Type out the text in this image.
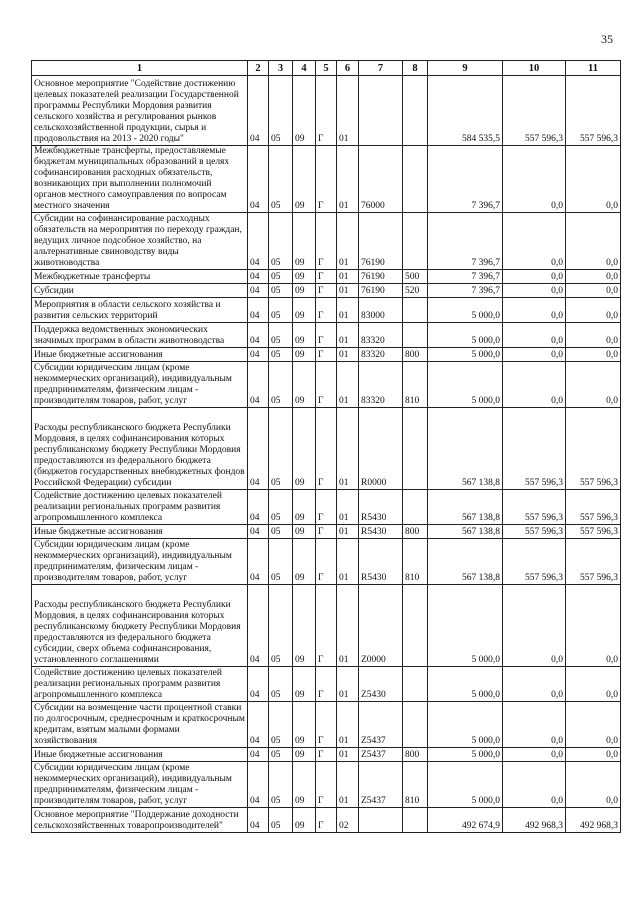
35
1	2	3	4	5	6	7	8	9	10	11
Основное мероприятие "Содействие достижению целевых показателей реализации Государственной программы Республики Мордовия развития сельского хозяйства и регулирования рынков сельскохозяйственной продукции, сырья и продовольствия на 2013 - 2020 годы"	04	05	09	Г	01			584 535,5	557 596,3	557 596,3
Межбюджетные трансферты, предоставляемые бюджетам муниципальных образований в целях софинансирования расходных обязательств, возникающих при выполнении полномочий органов местного самоуправления по вопросам местного значения	04	05	09	Г	01	76000		7 396,7	0,0	0,0
Субсидии на софинансирование расходных обязательств на мероприятия по переходу граждан, ведущих личное подсобное хозяйство, на альтернативные свиноводству виды животноводства	04	05	09	Г	01	76190		7 396,7	0,0	0,0
Межбюджетные трансферты	04	05	09	Г	01	76190	500	7 396,7	0,0	0,0
Субсидии	04	05	09	Г	01	76190	520	7 396,7	0,0	0,0
Мероприятия в области сельского хозяйства и развития сельских территорий	04	05	09	Г	01	83000		5 000,0	0,0	0,0
Поддержка ведомственных экономических значимых программ в области животноводства	04	05	09	Г	01	83320		5 000,0	0,0	0,0
Иные бюджетные ассигнования	04	05	09	Г	01	83320	800	5 000,0	0,0	0,0
Субсидии юридическим лицам (кроме некоммерческих организаций), индивидуальным предпринимателям, физическим лицам - производителям товаров, работ, услуг	04	05	09	Г	01	83320	810	5 000,0	0,0	0,0
Расходы республиканского бюджета Республики Мордовия, в целях софинансирования которых республиканскому бюджету Республики Мордовия предоставляются из федерального бюджета (бюджетов государственных внебюджетных фондов Российской Федерации) субсидии	04	05	09	Г	01	R0000		567 138,8	557 596,3	557 596,3
Содействие достижению целевых показателей реализации региональных программ развития агропромышленного комплекса	04	05	09	Г	01	R5430		567 138,8	557 596,3	557 596,3
Иные бюджетные ассигнования	04	05	09	Г	01	R5430	800	567 138,8	557 596,3	557 596,3
Субсидии юридическим лицам (кроме некоммерческих организаций), индивидуальным предпринимателям, физическим лицам - производителям товаров, работ, услуг	04	05	09	Г	01	R5430	810	567 138,8	557 596,3	557 596,3
Расходы республиканского бюджета Республики Мордовия, в целях софинансирования которых республиканскому бюджету Республики Мордовия предоставляются из федерального бюджета субсидии, сверх объема софинансирования, установленного соглашениями	04	05	09	Г	01	Z0000		5 000,0	0,0	0,0
Содействие достижению целевых показателей реализации региональных программ развития агропромышленного комплекса	04	05	09	Г	01	Z5430		5 000,0	0,0	0,0
Субсидии на возмещение части процентной ставки по долгосрочным, среднесрочным и краткосрочным кредитам, взятым малыми формами хозяйствования	04	05	09	Г	01	Z5437		5 000,0	0,0	0,0
Иные бюджетные ассигнования	04	05	09	Г	01	Z5437	800	5 000,0	0,0	0,0
Субсидии юридическим лицам (кроме некоммерческих организаций), индивидуальным предпринимателям, физическим лицам - производителям товаров, работ, услуг	04	05	09	Г	01	Z5437	810	5 000,0	0,0	0,0
Основное мероприятие "Поддержание доходности сельскохозяйственных товаропроизводителей"	04	05	09	Г	02			492 674,9	492 968,3	492 968,3
